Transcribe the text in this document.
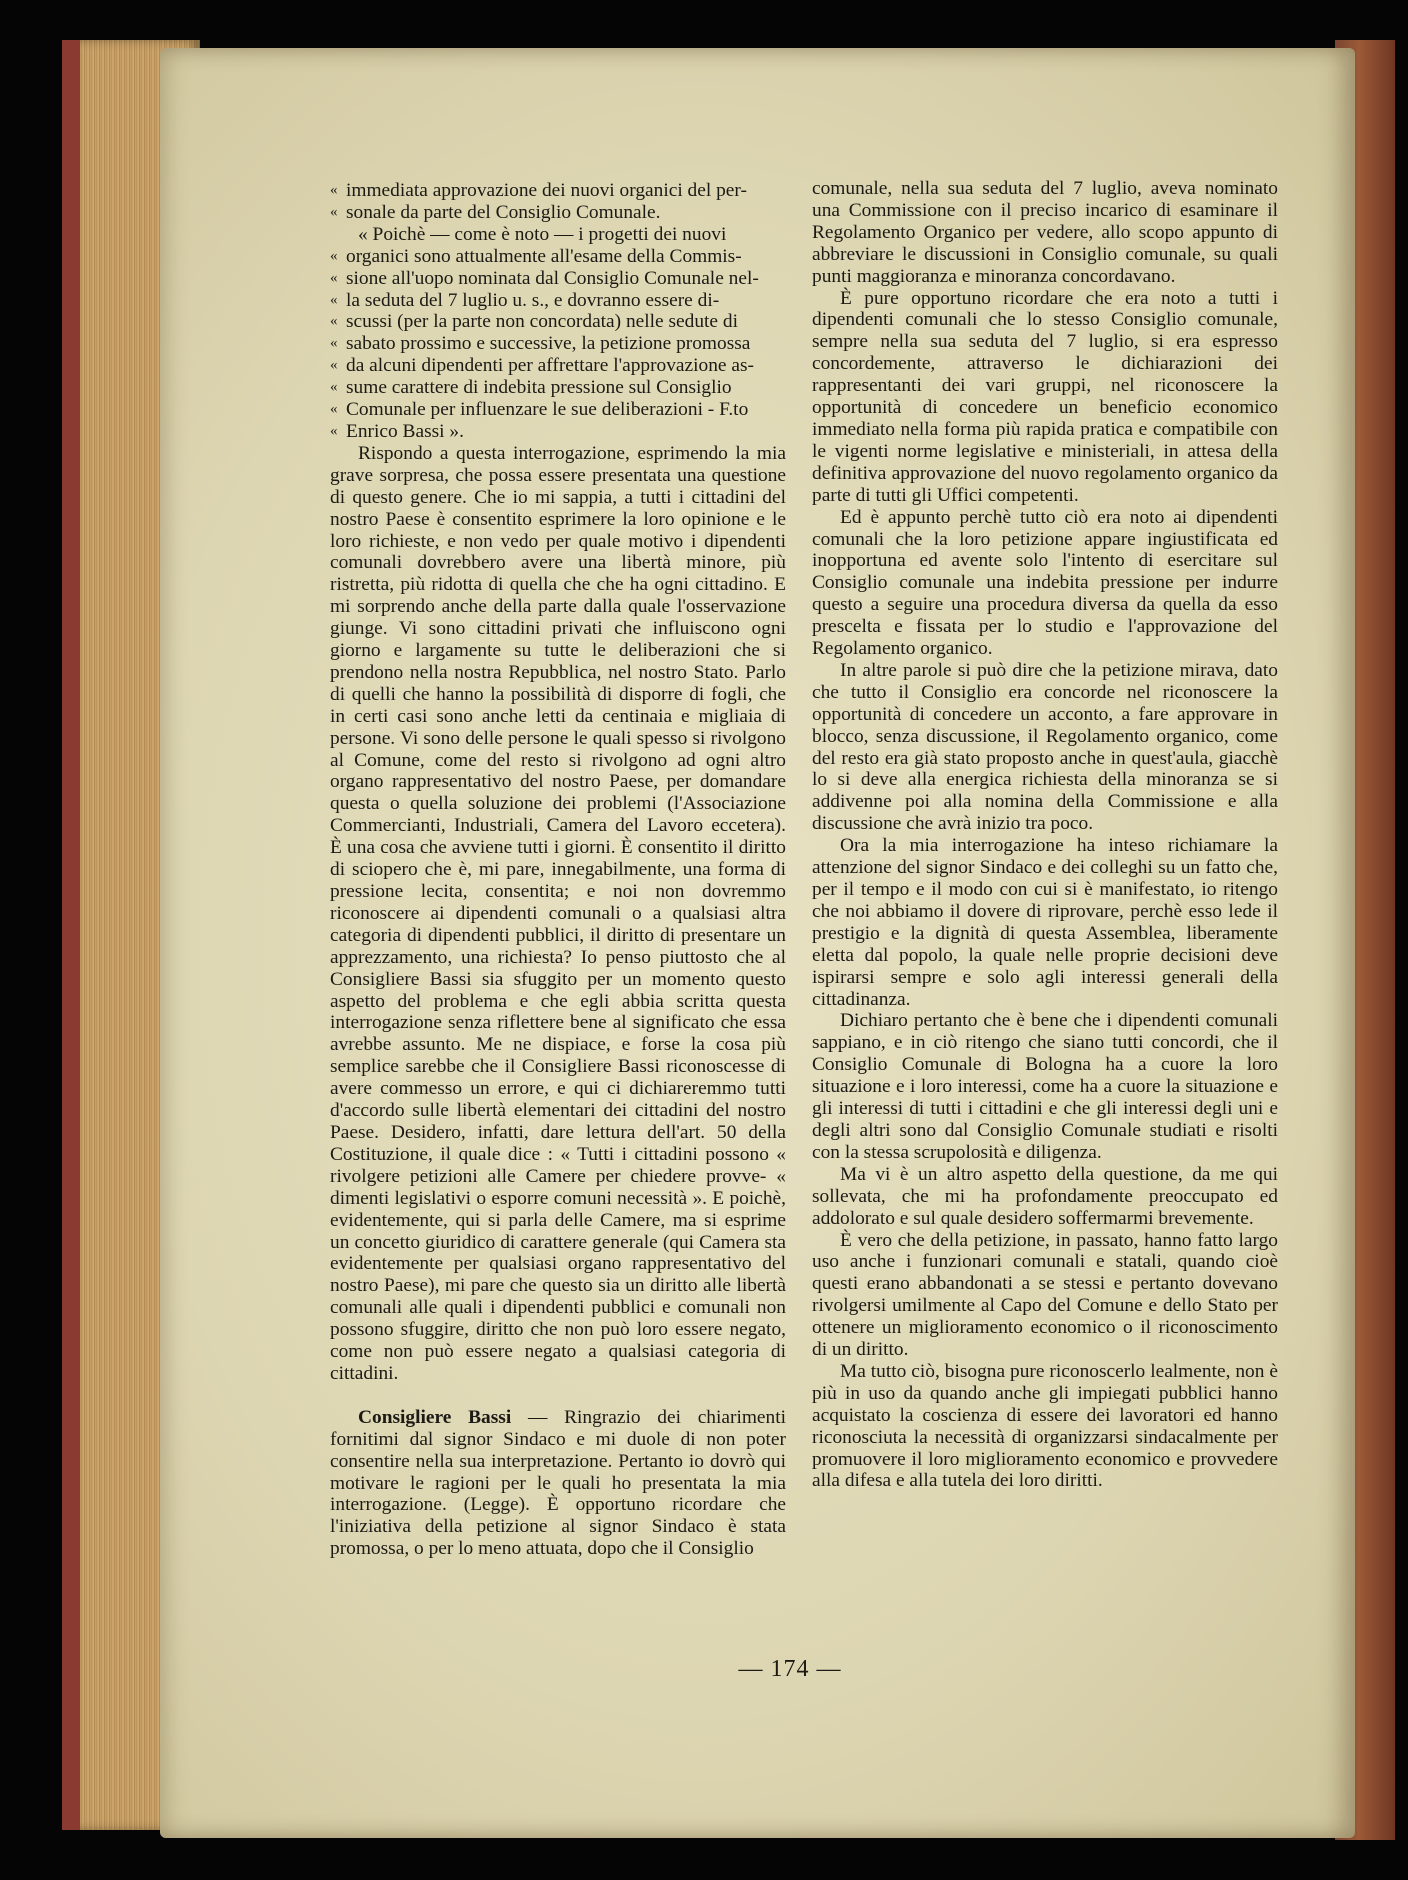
« immediata approvazione dei nuovi organici del per-
« sonale da parte del Consiglio Comunale.

« Poichè — come è noto — i progetti dei nuovi

« organici sono attualmente all'esame della Commis-
« sione all'uopo nominata dal Consiglio Comunale nel-
« la seduta del 7 luglio u. s., e dovranno essere di-
« scussi (per la parte non concordata) nelle sedute di
« sabato prossimo e successive, la petizione promossa
« da alcuni dipendenti per affrettare l'approvazione as-
« sume carattere di indebita pressione sul Consiglio
« Comunale per influenzare le sue deliberazioni - F.to
« Enrico Bassi ».

Rispondo a questa interrogazione, esprimendo la mia grave sorpresa, che possa essere presentata una questione di questo genere. Che io mi sappia, a tutti i cittadini del nostro Paese è consentito esprimere la loro opinione e le loro richieste, e non vedo per quale motivo i dipendenti comunali dovrebbero avere una libertà minore, più ristretta, più ridotta di quella che che ha ogni cittadino. E mi sorprendo anche della parte dalla quale l'osservazione giunge. Vi sono cittadini privati che influiscono ogni giorno e largamente su tutte le deliberazioni che si prendono nella nostra Repubblica, nel nostro Stato. Parlo di quelli che hanno la possibilità di disporre di fogli, che in certi casi sono anche letti da centinaia e migliaia di persone. Vi sono delle persone le quali spesso si rivolgono al Comune, come del resto si rivolgono ad ogni altro organo rappresentativo del nostro Paese, per domandare questa o quella soluzione dei problemi (l'Associazione Commercianti, Industriali, Camera del Lavoro eccetera). È una cosa che avviene tutti i giorni. È consentito il diritto di sciopero che è, mi pare, innegabilmente, una forma di pressione lecita, consentita; e noi non dovremmo riconoscere ai dipendenti comunali o a qualsiasi altra categoria di dipendenti pubblici, il diritto di presentare un apprezzamento, una richiesta? Io penso piuttosto che al Consigliere Bassi sia sfuggito per un momento questo aspetto del problema e che egli abbia scritta questa interrogazione senza riflettere bene al significato che essa avrebbe assunto. Me ne dispiace, e forse la cosa più semplice sarebbe che il Consigliere Bassi riconoscesse di avere commesso un errore, e qui ci dichiareremmo tutti d'accordo sulle libertà elementari dei cittadini del nostro Paese. Desidero, infatti, dare lettura dell'art. 50 della Costituzione, il quale dice : « Tutti i cittadini possono « rivolgere petizioni alle Camere per chiedere provve- « dimenti legislativi o esporre comuni necessità ». E poichè, evidentemente, qui si parla delle Camere, ma si esprime un concetto giuridico di carattere generale (qui Camera sta evidentemente per qualsiasi organo rappresentativo del nostro Paese), mi pare che questo sia un diritto alle libertà comunali alle quali i dipendenti pubblici e comunali non possono sfuggire, diritto che non può loro essere negato, come non può essere negato a qualsiasi categoria di cittadini.

Consigliere Bassi — Ringrazio dei chiarimenti fornitimi dal signor Sindaco e mi duole di non poter consentire nella sua interpretazione. Pertanto io dovrò qui motivare le ragioni per le quali ho presentata la mia interrogazione. (Legge). È opportuno ricordare che l'iniziativa della petizione al signor Sindaco è stata promossa, o per lo meno attuata, dopo che il Consiglio

comunale, nella sua seduta del 7 luglio, aveva nominato una Commissione con il preciso incarico di esaminare il Regolamento Organico per vedere, allo scopo appunto di abbreviare le discussioni in Consiglio comunale, su quali punti maggioranza e minoranza concordavano.

È pure opportuno ricordare che era noto a tutti i dipendenti comunali che lo stesso Consiglio comunale, sempre nella sua seduta del 7 luglio, si era espresso concordemente, attraverso le dichiarazioni dei rappresentanti dei vari gruppi, nel riconoscere la opportunità di concedere un beneficio economico immediato nella forma più rapida pratica e compatibile con le vigenti norme legislative e ministeriali, in attesa della definitiva approvazione del nuovo regolamento organico da parte di tutti gli Uffici competenti.

Ed è appunto perchè tutto ciò era noto ai dipendenti comunali che la loro petizione appare ingiustificata ed inopportuna ed avente solo l'intento di esercitare sul Consiglio comunale una indebita pressione per indurre questo a seguire una procedura diversa da quella da esso prescelta e fissata per lo studio e l'approvazione del Regolamento organico.

In altre parole si può dire che la petizione mirava, dato che tutto il Consiglio era concorde nel riconoscere la opportunità di concedere un acconto, a fare approvare in blocco, senza discussione, il Regolamento organico, come del resto era già stato proposto anche in quest'aula, giacchè lo si deve alla energica richiesta della minoranza se si addivenne poi alla nomina della Commissione e alla discussione che avrà inizio tra poco.

Ora la mia interrogazione ha inteso richiamare la attenzione del signor Sindaco e dei colleghi su un fatto che, per il tempo e il modo con cui si è manifestato, io ritengo che noi abbiamo il dovere di riprovare, perchè esso lede il prestigio e la dignità di questa Assemblea, liberamente eletta dal popolo, la quale nelle proprie decisioni deve ispirarsi sempre e solo agli interessi generali della cittadinanza.

Dichiaro pertanto che è bene che i dipendenti comunali sappiano, e in ciò ritengo che siano tutti concordi, che il Consiglio Comunale di Bologna ha a cuore la loro situazione e i loro interessi, come ha a cuore la situazione e gli interessi di tutti i cittadini e che gli interessi degli uni e degli altri sono dal Consiglio Comunale studiati e risolti con la stessa scrupolosità e diligenza.

Ma vi è un altro aspetto della questione, da me qui sollevata, che mi ha profondamente preoccupato ed addolorato e sul quale desidero soffermarmi brevemente.

È vero che della petizione, in passato, hanno fatto largo uso anche i funzionari comunali e statali, quando cioè questi erano abbandonati a se stessi e pertanto dovevano rivolgersi umilmente al Capo del Comune e dello Stato per ottenere un miglioramento economico o il riconoscimento di un diritto.

Ma tutto ciò, bisogna pure riconoscerlo lealmente, non è più in uso da quando anche gli impiegati pubblici hanno acquistato la coscienza di essere dei lavoratori ed hanno riconosciuta la necessità di organizzarsi sindacalmente per promuovere il loro miglioramento economico e provvedere alla difesa e alla tutela dei loro diritti.

— 174 —
